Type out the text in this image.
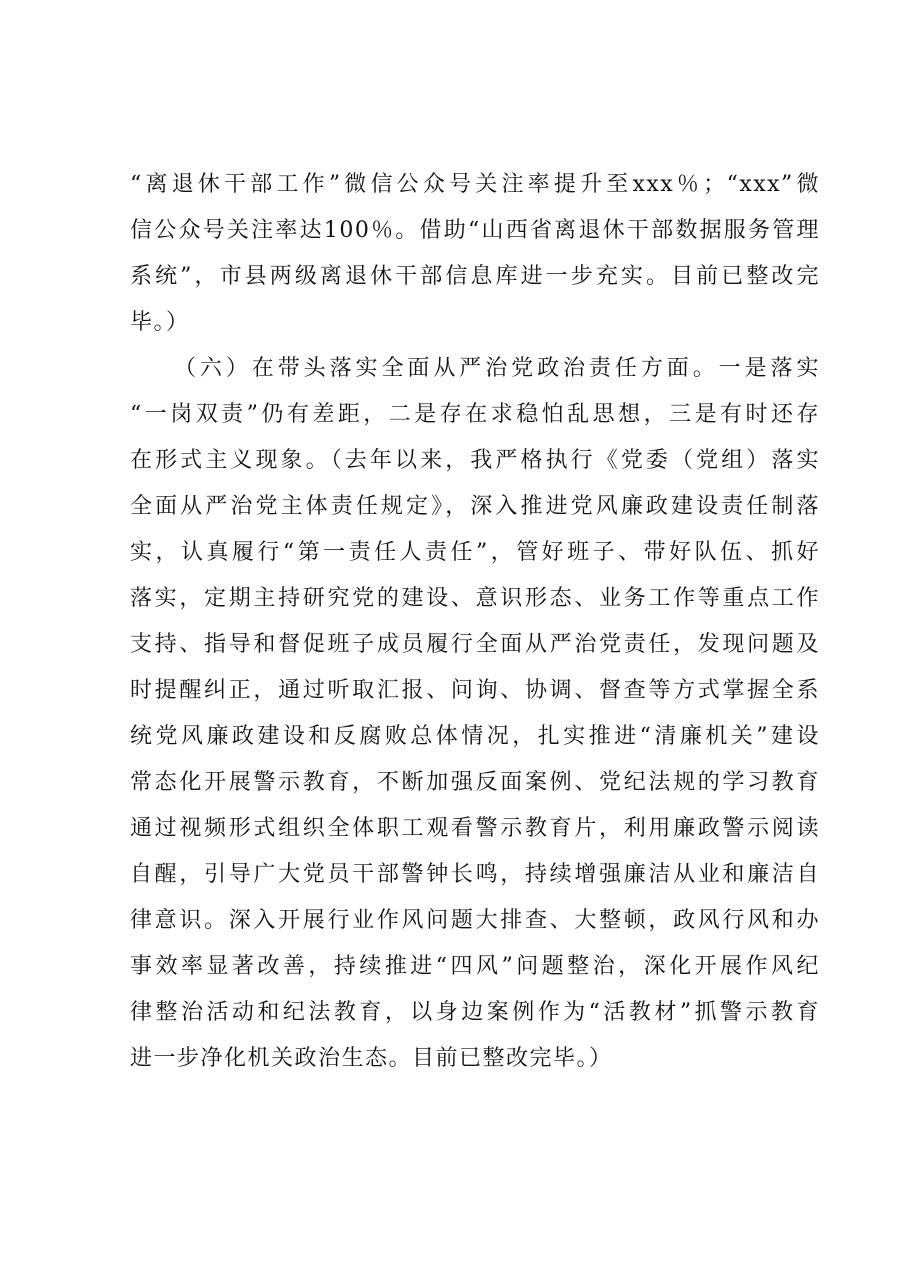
“离退休干部工作”微信公众号关注率提升至xxx％；“xxx”微
信公众号关注率达100％。借助“山西省离退休干部数据服务管理
系统”，市县两级离退休干部信息库进一步充实。目前已整改完
毕。）
（六）在带头落实全面从严治党政治责任方面。一是落实
“一岗双责”仍有差距，二是存在求稳怕乱思想，三是有时还存
在形式主义现象。（去年以来，我严格执行《党委（党组）落实
全面从严治党主体责任规定》，深入推进党风廉政建设责任制落
实，认真履行“第一责任人责任”，管好班子、带好队伍、抓好
落实，定期主持研究党的建设、意识形态、业务工作等重点工作
支持、指导和督促班子成员履行全面从严治党责任，发现问题及
时提醒纠正，通过听取汇报、问询、协调、督查等方式掌握全系
统党风廉政建设和反腐败总体情况，扎实推进“清廉机关”建设
常态化开展警示教育，不断加强反面案例、党纪法规的学习教育
通过视频形式组织全体职工观看警示教育片，利用廉政警示阅读
自醒，引导广大党员干部警钟长鸣，持续增强廉洁从业和廉洁自
律意识。深入开展行业作风问题大排查、大整顿，政风行风和办
事效率显著改善，持续推进“四风”问题整治，深化开展作风纪
律整治活动和纪法教育，以身边案例作为“活教材”抓警示教育
进一步净化机关政治生态。目前已整改完毕。）
